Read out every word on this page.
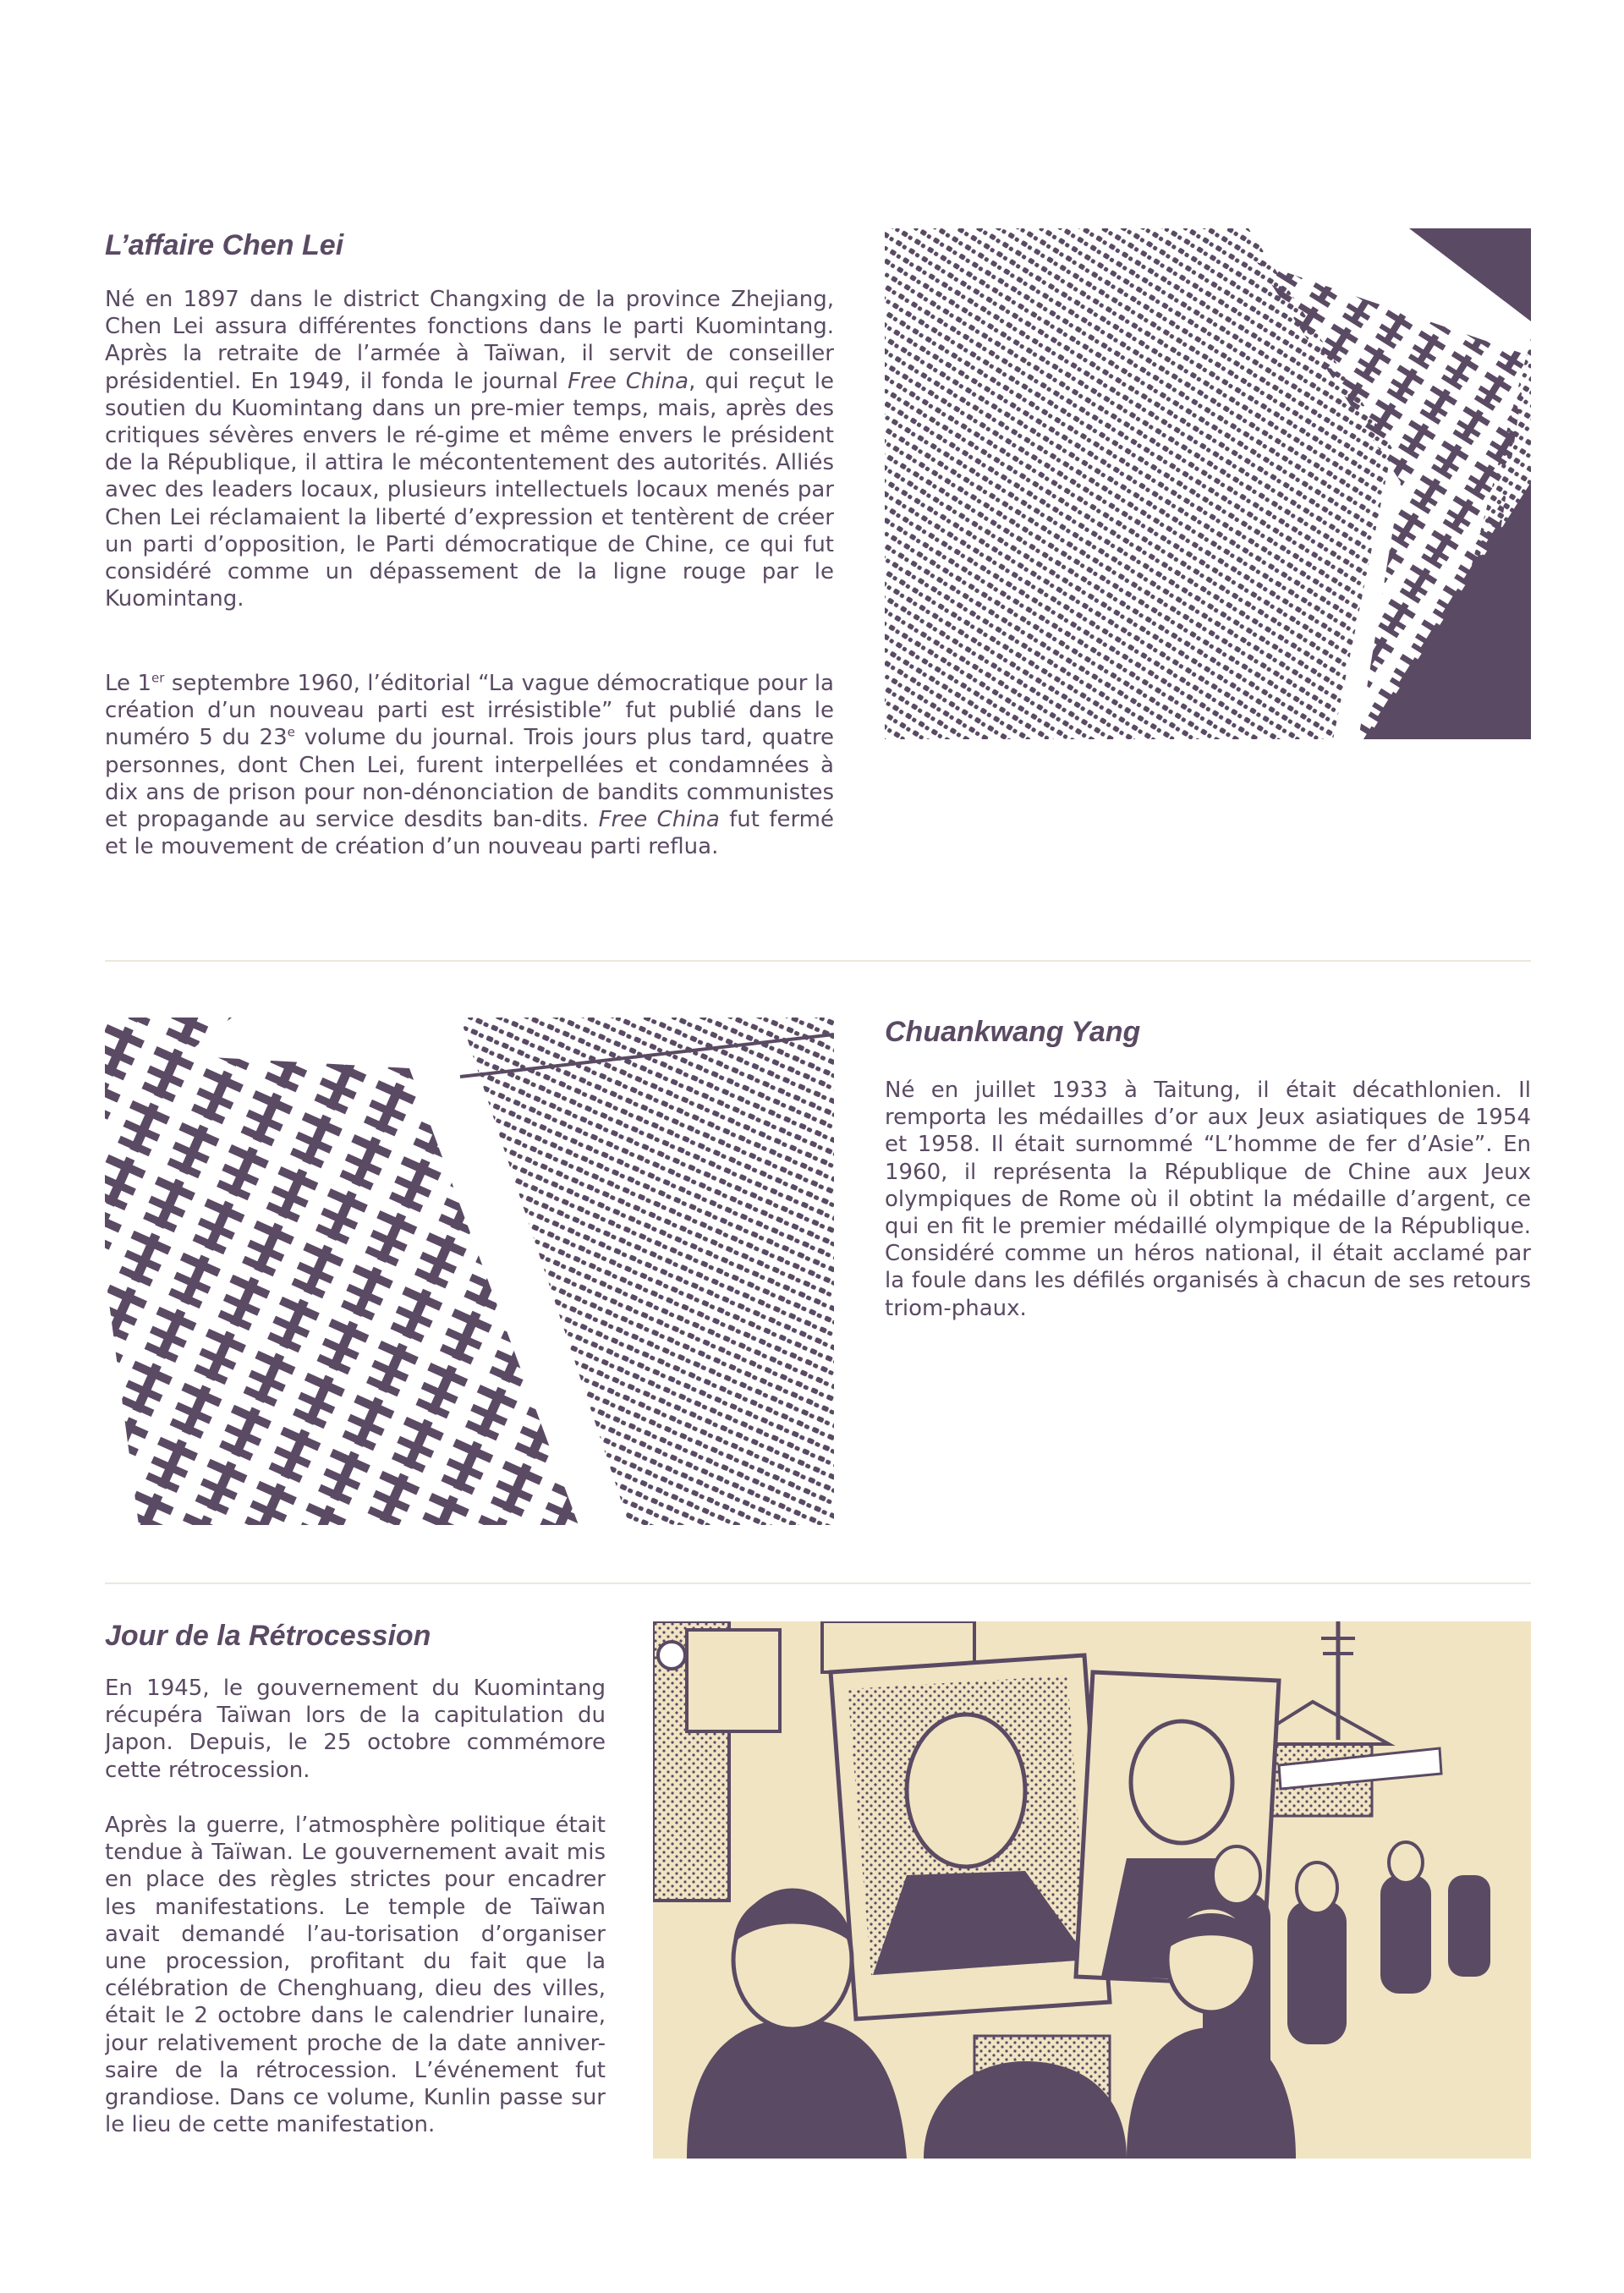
L’affaire Chen Lei

Né en 1897 dans le district Changxing de la province Zhejiang, Chen Lei assura différentes fonctions dans le parti Kuomintang. Après la retraite de l’armée à Taïwan, il servit de conseiller présidentiel. En 1949, il fonda le journal Free China, qui reçut le soutien du Kuomintang dans un pre-mier temps, mais, après des critiques sévères envers le ré-gime et même envers le président de la République, il attira le mécontentement des autorités. Alliés avec des leaders locaux, plusieurs intellectuels locaux menés par Chen Lei réclamaient la liberté d’expression et tentèrent de créer un parti d’opposition, le Parti démocratique de Chine, ce qui fut considéré comme un dépassement de la ligne rouge par le Kuomintang.

Le 1er septembre 1960, l’éditorial “La vague démocratique pour la création d’un nouveau parti est irrésistible” fut publié dans le numéro 5 du 23e volume du journal. Trois jours plus tard, quatre personnes, dont Chen Lei, furent interpellées et condamnées à dix ans de prison pour non-dénonciation de bandits communistes et propagande au service desdits ban-dits. Free China fut fermé et le mouvement de création d’un nouveau parti reflua.

Chuankwang Yang

Né en juillet 1933 à Taitung, il était décathlonien. Il remporta les médailles d’or aux Jeux asiatiques de 1954 et 1958. Il était surnommé “L’homme de fer d’Asie”. En 1960, il représenta la République de Chine aux Jeux olympiques de Rome où il obtint la médaille d’argent, ce qui en fit le premier médaillé olympique de la République. Considéré comme un héros national, il était acclamé par la foule dans les défilés organisés à chacun de ses retours triom-phaux.

Jour de la Rétrocession

En 1945, le gouvernement du Kuomintang récupéra Taïwan lors de la capitulation du Japon. Depuis, le 25 octobre commémore cette rétrocession.

Après la guerre, l’atmosphère politique était tendue à Taïwan. Le gouvernement avait mis en place des règles strictes pour encadrer les manifestations. Le temple de Taïwan avait demandé l’au-torisation d’organiser une procession, profitant du fait que la célébration de Chenghuang, dieu des villes, était le 2 octobre dans le calendrier lunaire, jour relativement proche de la date anniver-saire de la rétrocession. L’événement fut grandiose. Dans ce volume, Kunlin passe sur le lieu de cette manifestation.
